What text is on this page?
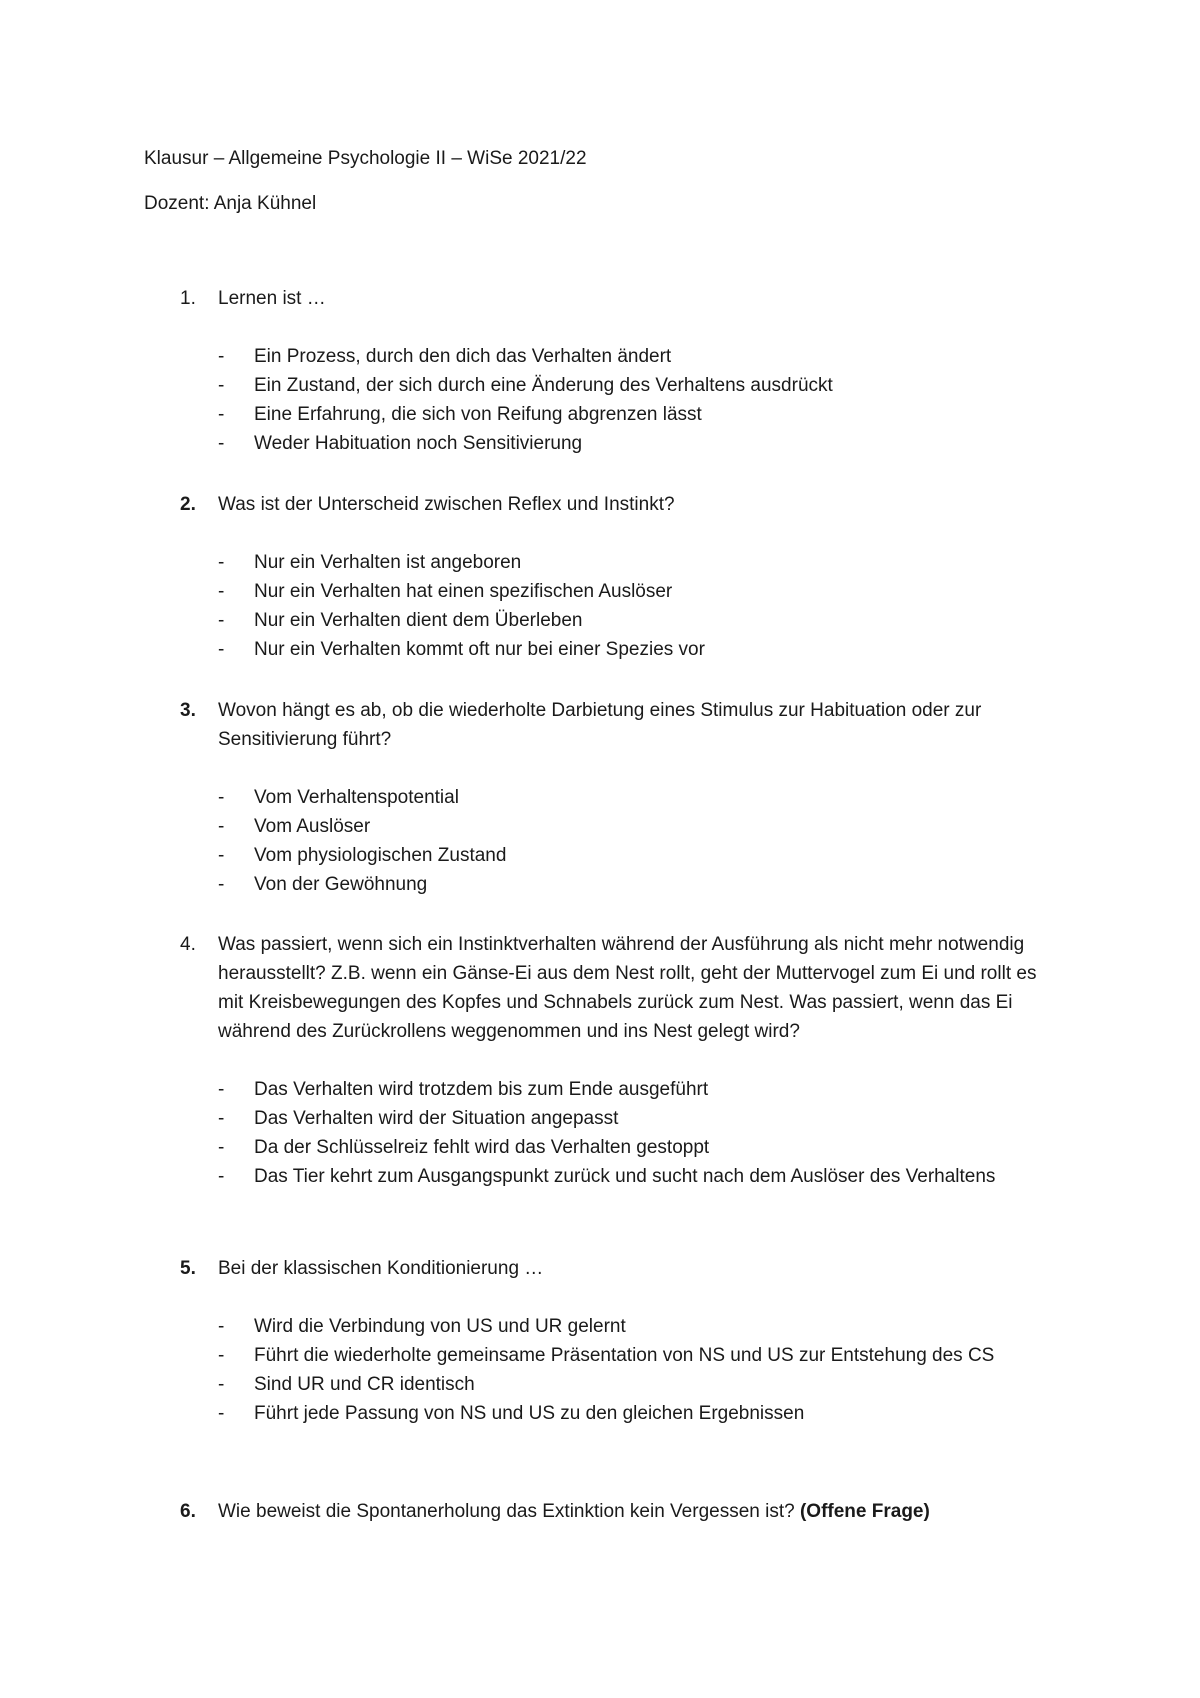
Klausur – Allgemeine Psychologie II – WiSe 2021/22

Dozent: Anja Kühnel

1. Lernen ist …

- Ein Prozess, durch den dich das Verhalten ändert
- Ein Zustand, der sich durch eine Änderung des Verhaltens ausdrückt
- Eine Erfahrung, die sich von Reifung abgrenzen lässt
- Weder Habituation noch Sensitivierung

2. Was ist der Unterscheid zwischen Reflex und Instinkt?

- Nur ein Verhalten ist angeboren
- Nur ein Verhalten hat einen spezifischen Auslöser
- Nur ein Verhalten dient dem Überleben
- Nur ein Verhalten kommt oft nur bei einer Spezies vor

3. Wovon hängt es ab, ob die wiederholte Darbietung eines Stimulus zur Habituation oder zur Sensitivierung führt?

- Vom Verhaltenspotential
- Vom Auslöser
- Vom physiologischen Zustand
- Von der Gewöhnung

4. Was passiert, wenn sich ein Instinktverhalten während der Ausführung als nicht mehr notwendig herausstellt? Z.B. wenn ein Gänse-Ei aus dem Nest rollt, geht der Muttervogel zum Ei und rollt es mit Kreisbewegungen des Kopfes und Schnabels zurück zum Nest. Was passiert, wenn das Ei während des Zurückrollens weggenommen und ins Nest gelegt wird?

- Das Verhalten wird trotzdem bis zum Ende ausgeführt
- Das Verhalten wird der Situation angepasst
- Da der Schlüsselreiz fehlt wird das Verhalten gestoppt
- Das Tier kehrt zum Ausgangspunkt zurück und sucht nach dem Auslöser des Verhaltens

5. Bei der klassischen Konditionierung …

- Wird die Verbindung von US und UR gelernt
- Führt die wiederholte gemeinsame Präsentation von NS und US zur Entstehung des CS
- Sind UR und CR identisch
- Führt jede Passung von NS und US zu den gleichen Ergebnissen

6. Wie beweist die Spontanerholung das Extinktion kein Vergessen ist? (Offene Frage)
